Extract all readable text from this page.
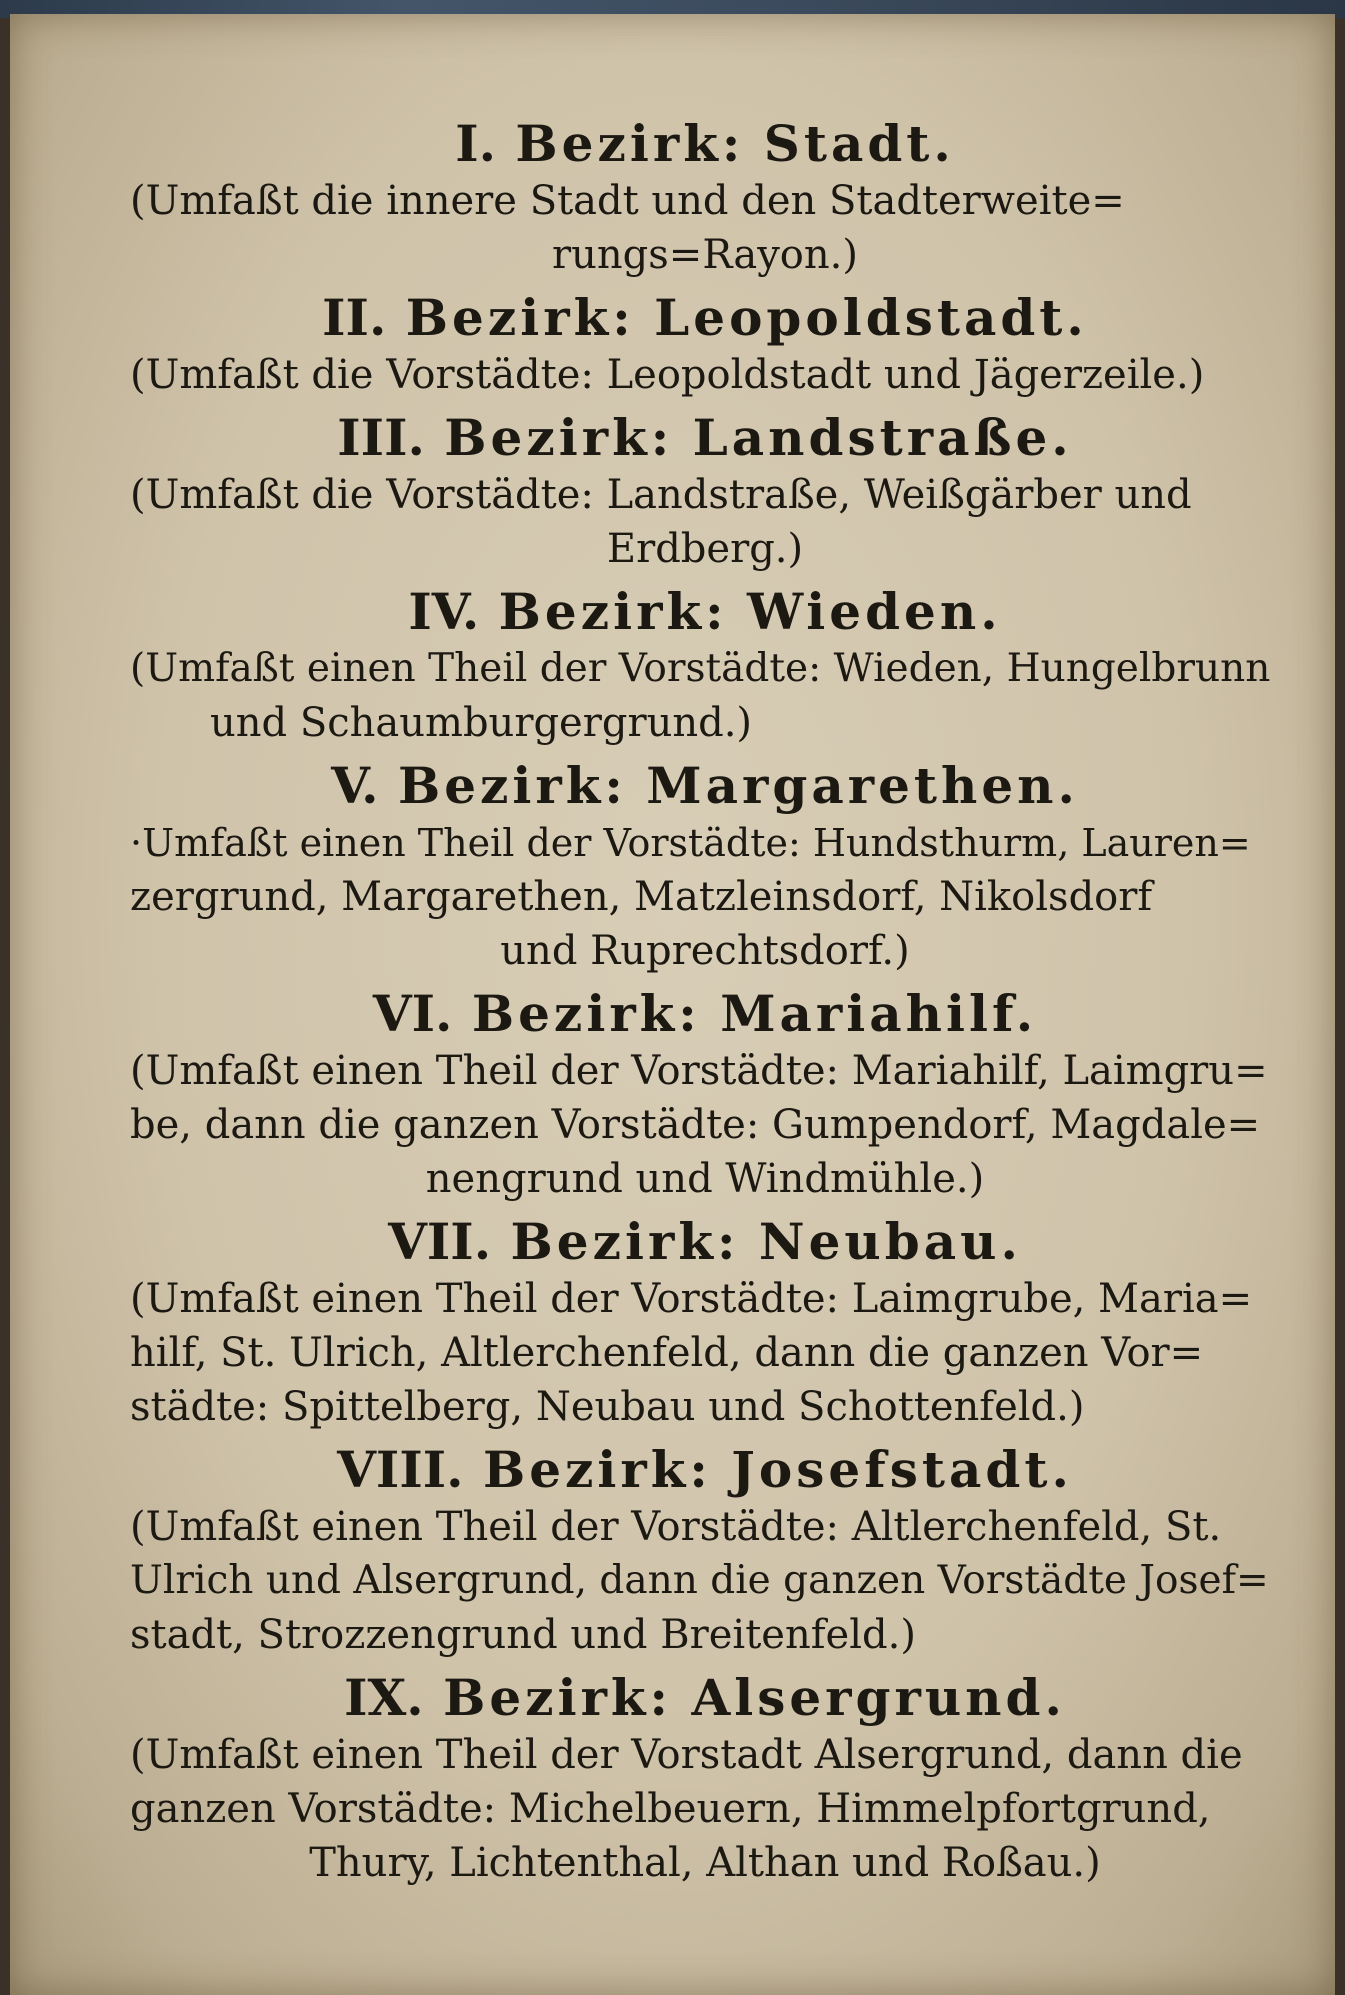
I. Bezirk: Stadt.
(Umfaßt die innere Stadt und den Stadterweite=
rungs=Rayon.)
II. Bezirk: Leopoldstadt.
(Umfaßt die Vorstädte: Leopoldstadt und Jägerzeile.)
III. Bezirk: Landstraße.
(Umfaßt die Vorstädte: Landstraße, Weißgärber und
Erdberg.)
IV. Bezirk: Wieden.
(Umfaßt einen Theil der Vorstädte: Wieden, Hungelbrunn
und Schaumburgergrund.)
V. Bezirk: Margarethen.
·Umfaßt einen Theil der Vorstädte: Hundsthurm, Lauren=
zergrund, Margarethen, Matzleinsdorf, Nikolsdorf
und Ruprechtsdorf.)
VI. Bezirk: Mariahilf.
(Umfaßt einen Theil der Vorstädte: Mariahilf, Laimgru=
be, dann die ganzen Vorstädte: Gumpendorf, Magdale=
nengrund und Windmühle.)
VII. Bezirk: Neubau.
(Umfaßt einen Theil der Vorstädte: Laimgrube, Maria=
hilf, St. Ulrich, Altlerchenfeld, dann die ganzen Vor=
städte: Spittelberg, Neubau und Schottenfeld.)
VIII. Bezirk: Josefstadt.
(Umfaßt einen Theil der Vorstädte: Altlerchenfeld, St.
Ulrich und Alsergrund, dann die ganzen Vorstädte Josef=
stadt, Strozzengrund und Breitenfeld.)
IX. Bezirk: Alsergrund.
(Umfaßt einen Theil der Vorstadt Alsergrund, dann die
ganzen Vorstädte: Michelbeuern, Himmelpfortgrund,
Thury, Lichtenthal, Althan und Roßau.)
